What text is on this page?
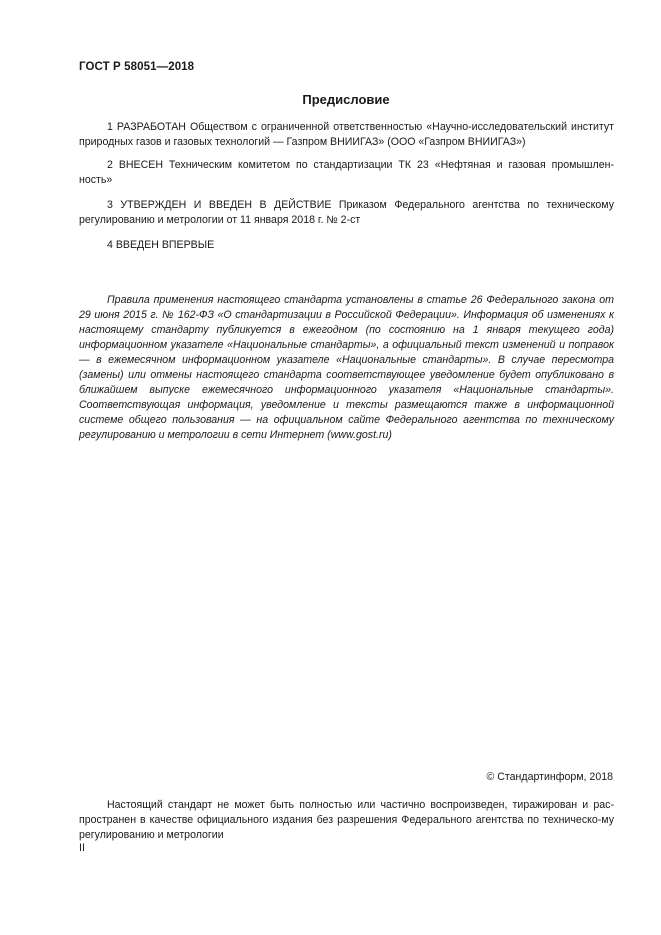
ГОСТ Р 58051—2018
Предисловие

1 РАЗРАБОТАН Обществом с ограниченной ответственностью «Научно-исследовательский институт природных газов и газовых технологий — Газпром ВНИИГАЗ» (ООО «Газпром ВНИИГАЗ»)

2 ВНЕСЕН Техническим комитетом по стандартизации ТК 23 «Нефтяная и газовая промышлен-ность»

3 УТВЕРЖДЕН И ВВЕДЕН В ДЕЙСТВИЕ Приказом Федерального агентства по техническому регулированию и метрологии от 11 января 2018 г. № 2-ст

4 ВВЕДЕН ВПЕРВЫЕ

Правила применения настоящего стандарта установлены в статье 26 Федерального закона от 29 июня 2015 г. № 162-ФЗ «О стандартизации в Российской Федерации». Информация об изменениях к настоящему стандарту публикуется в ежегодном (по состоянию на 1 января текущего года) информационном указателе «Национальные стандарты», а официальный текст изменений и поправок — в ежемесячном информационном указателе «Национальные стандарты». В случае пересмотра (замены) или отмены настоящего стандарта соответствующее уведомление будет опубликовано в ближайшем выпуске ежемесячного информационного указателя «Национальные стандарты». Соответствующая информация, уведомление и тексты размещаются также в информационной системе общего пользования — на официальном сайте Федерального агентства по техническому регулированию и метрологии в сети Интернет (www.gost.ru)

© Стандартинформ, 2018

Настоящий стандарт не может быть полностью или частично воспроизведен, тиражирован и рас-пространен в качестве официального издания без разрешения Федерального агентства по техническо-му регулированию и метрологии

II
